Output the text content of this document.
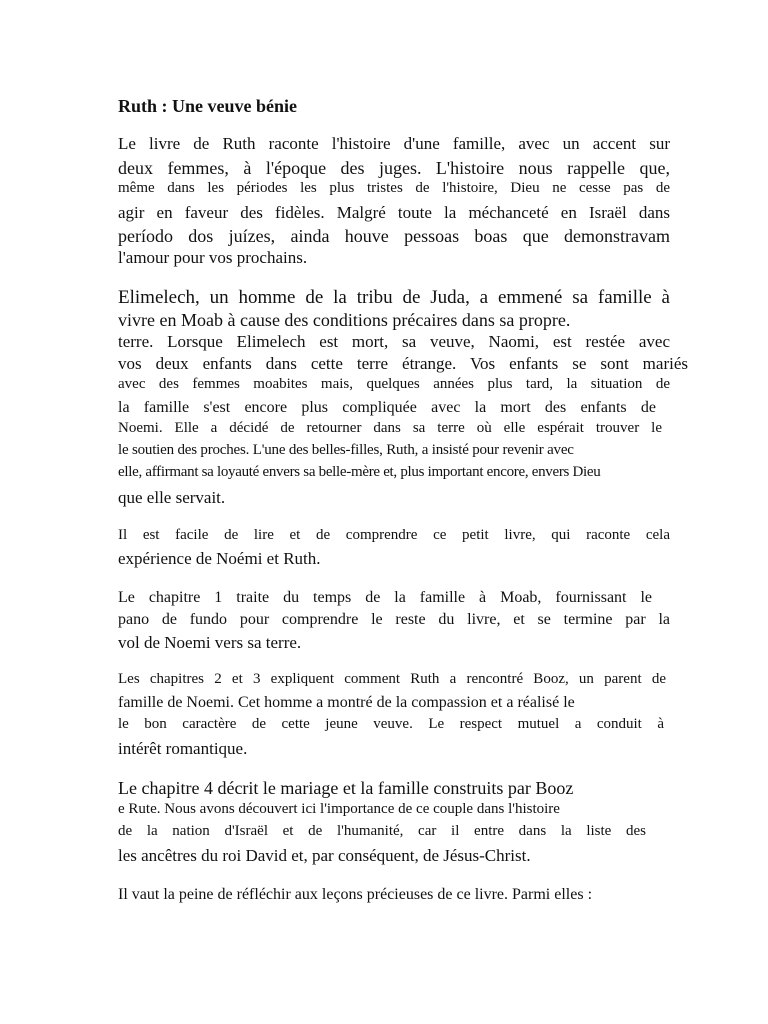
Ruth : Une veuve bénie
Le livre de Ruth raconte l'histoire d'une famille, avec un accent sur
deux femmes, à l'époque des juges. L'histoire nous rappelle que,
même dans les périodes les plus tristes de l'histoire, Dieu ne cesse pas de
agir en faveur des fidèles. Malgré toute la méchanceté en Israël dans
período dos juízes, ainda houve pessoas boas que demonstravam
l'amour pour vos prochains.
Elimelech, un homme de la tribu de Juda, a emmené sa famille à
vivre en Moab à cause des conditions précaires dans sa propre.
terre. Lorsque Elimelech est mort, sa veuve, Naomi, est restée avec
vos deux enfants dans cette terre étrange. Vos enfants se sont mariés
avec des femmes moabites mais, quelques années plus tard, la situation de
la famille s'est encore plus compliquée avec la mort des enfants de
Noemi. Elle a décidé de retourner dans sa terre où elle espérait trouver le
le soutien des proches. L'une des belles-filles, Ruth, a insisté pour revenir avec
elle, affirmant sa loyauté envers sa belle-mère et, plus important encore, envers Dieu
que elle servait.
Il est facile de lire et de comprendre ce petit livre, qui raconte cela
expérience de Noémi et Ruth.
Le chapitre 1 traite du temps de la famille à Moab, fournissant le
pano de fundo pour comprendre le reste du livre, et se termine par la
vol de Noemi vers sa terre.
Les chapitres 2 et 3 expliquent comment Ruth a rencontré Booz, un parent de
famille de Noemi. Cet homme a montré de la compassion et a réalisé le
le bon caractère de cette jeune veuve. Le respect mutuel a conduit à
intérêt romantique.
Le chapitre 4 décrit le mariage et la famille construits par Booz
e Rute. Nous avons découvert ici l'importance de ce couple dans l'histoire
de la nation d'Israël et de l'humanité, car il entre dans la liste des
les ancêtres du roi David et, par conséquent, de Jésus-Christ.
Il vaut la peine de réfléchir aux leçons précieuses de ce livre. Parmi elles :
